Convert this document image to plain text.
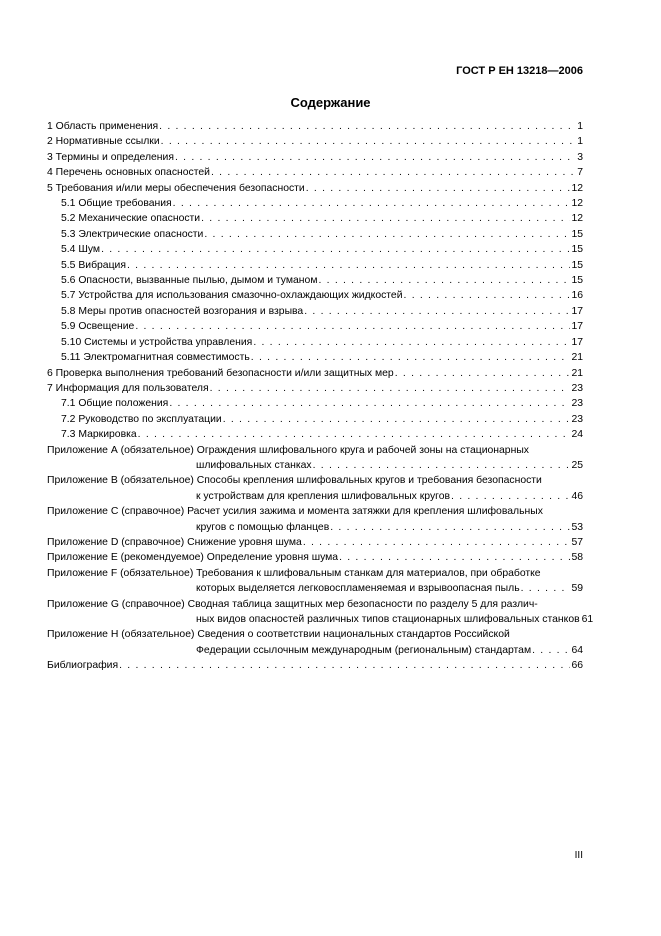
ГОСТ Р ЕН 13218—2006
Содержание
1 Область применения . . .	1
2 Нормативные ссылки . . .	1
3 Термины и определения . . .	3
4 Перечень основных опасностей . . .	7
5 Требования и/или меры обеспечения безопасности . . .	12
5.1 Общие требования . . .	12
5.2 Механические опасности . . .	12
5.3 Электрические опасности . . .	15
5.4 Шум . . .	15
5.5 Вибрация . . .	15
5.6 Опасности, вызванные пылью, дымом и туманом . . .	15
5.7 Устройства для использования смазочно-охлаждающих жидкостей . . .	16
5.8 Меры против опасностей возгорания и взрыва . . .	17
5.9 Освещение . . .	17
5.10 Системы и устройства управления . . .	17
5.11 Электромагнитная совместимость . . .	21
6 Проверка выполнения требований безопасности и/или защитных мер . . .	21
7 Информация для пользователя . . .	23
7.1 Общие положения . . .	23
7.2 Руководство по эксплуатации . . .	23
7.3 Маркировка . . .	24
Приложение А (обязательное) Ограждения шлифовального круга и рабочей зоны на стационарных
шлифовальных станках . . .	25
Приложение В (обязательное) Способы крепления шлифовальных кругов и требования безопасности
к устройствам для крепления шлифовальных кругов . . .	46
Приложение С (справочное) Расчет усилия зажима и момента затяжки для крепления шлифовальных
кругов с помощью фланцев . . .	53
Приложение D (справочное) Снижение уровня шума . . .	57
Приложение Е (рекомендуемое) Определение уровня шума . . .	58
Приложение F (обязательное) Требования к шлифовальным станкам для материалов, при обработке
которых выделяется легковоспламеняемая и взрывоопасная пыль . . .	59
Приложение G (справочное) Сводная таблица защитных мер безопасности по разделу 5 для различ-
ных видов опасностей различных типов стационарных шлифовальных станков 61
Приложение Н (обязательное) Сведения о соответствии национальных стандартов Российской
Федерации ссылочным международным (региональным) стандартам . . .	64
Библиография . . .	66
III
